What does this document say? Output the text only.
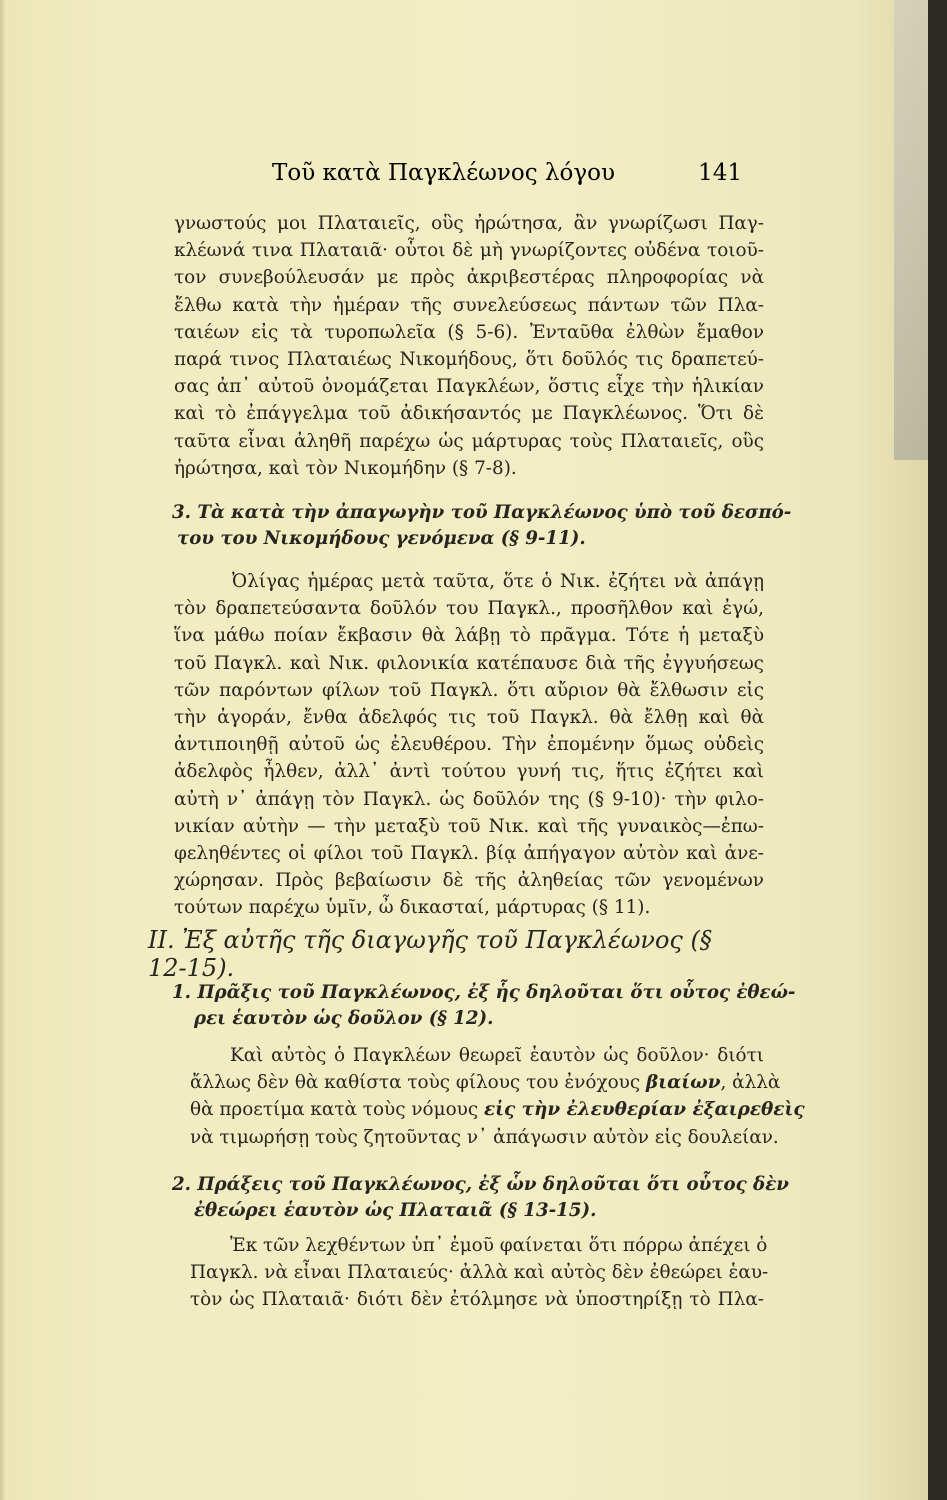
Τοῦ κατὰ Παγκλέωνος λόγου	141

γνωστούς μοι Πλαταιεῖς, οὓς ἠρώτησα, ἂν γνωρίζωσι Παγ-
κλέωνά τινα Πλαταιᾶ· οὗτοι δὲ μὴ γνωρίζοντες οὐδένα τοιοῦ-
τον συνεβούλευσάν με πρὸς ἀκριβεστέρας πληροφορίας νὰ
ἔλθω κατὰ τὴν ἡμέραν τῆς συνελεύσεως πάντων τῶν Πλα-
ταιέων εἰς τὰ τυροπωλεῖα (§ 5-6). Ἐνταῦθα ἐλθὼν ἔμαθον
παρά τινος Πλαταιέως Νικομήδους, ὅτι δοῦλός τις δραπετεύ-
σας ἀπ᾿ αὐτοῦ ὀνομάζεται Παγκλέων, ὅστις εἶχε τὴν ἡλικίαν
καὶ τὸ ἐπάγγελμα τοῦ ἀδικήσαντός με Παγκλέωνος. Ὅτι δὲ
ταῦτα εἶναι ἀληθῆ παρέχω ὡς μάρτυρας τοὺς Πλαταιεῖς, οὓς
ἠρώτησα, καὶ τὸν Νικομήδην (§ 7-8).

3. Τὰ κατὰ τὴν ἀπαγωγὴν τοῦ Παγκλέωνος ὑπὸ τοῦ δεσπό-
του του Νικομήδους γενόμενα (§ 9-11).

Ὀλίγας ἡμέρας μετὰ ταῦτα, ὅτε ὁ Νικ. ἐζήτει νὰ ἀπάγῃ
τὸν δραπετεύσαντα δοῦλόν του Παγκλ., προσῆλθον καὶ ἐγώ,
ἵνα μάθω ποίαν ἔκβασιν θὰ λάβῃ τὸ πρᾶγμα. Τότε ἡ μεταξὺ
τοῦ Παγκλ. καὶ Νικ. φιλονικία κατέπαυσε διὰ τῆς ἐγγυήσεως
τῶν παρόντων φίλων τοῦ Παγκλ. ὅτι αὔριον θὰ ἔλθωσιν εἰς
τὴν ἀγοράν, ἔνθα ἀδελφός τις τοῦ Παγκλ. θὰ ἔλθῃ καὶ θὰ
ἀντιποιηθῇ αὐτοῦ ὡς ἐλευθέρου. Τὴν ἐπομένην ὅμως οὐδεὶς
ἀδελφὸς ἦλθεν, ἀλλ᾿ ἀντὶ τούτου γυνή τις, ἥτις ἐζήτει καὶ
αὐτὴ ν᾿ ἀπάγῃ τὸν Παγκλ. ὡς δοῦλόν της (§ 9-10)· τὴν φιλο-
νικίαν αὐτὴν — τὴν μεταξὺ τοῦ Νικ. καὶ τῆς γυναικὸς—ἐπω-
φεληθέντες οἱ φίλοι τοῦ Παγκλ. βίᾳ ἀπήγαγον αὐτὸν καὶ ἀνε-
χώρησαν. Πρὸς βεβαίωσιν δὲ τῆς ἀληθείας τῶν γενομένων
τούτων παρέχω ὑμῖν, ὦ δικασταί, μάρτυρας (§ 11).

II. Ἐξ αὐτῆς τῆς διαγωγῆς τοῦ Παγκλέωνος (§ 12-15).

1. Πρᾶξις τοῦ Παγκλέωνος, ἐξ ἧς δηλοῦται ὅτι οὗτος ἐθεώ-
ρει ἑαυτὸν ὡς δοῦλον (§ 12).

Καὶ αὐτὸς ὁ Παγκλέων θεωρεῖ ἑαυτὸν ὡς δοῦλον· διότι
ἄλλως δὲν θὰ καθίστα τοὺς φίλους του ἐνόχους βιαίων, ἀλλὰ
θὰ προετίμα κατὰ τοὺς νόμους εἰς τὴν ἐλευθερίαν ἐξαιρεθεὶς
νὰ τιμωρήσῃ τοὺς ζητοῦντας ν᾿ ἀπάγωσιν αὐτὸν εἰς δουλείαν.

2. Πράξεις τοῦ Παγκλέωνος, ἐξ ὧν δηλοῦται ὅτι οὗτος δὲν
ἐθεώρει ἑαυτὸν ὡς Πλαταιᾶ (§ 13-15).

Ἐκ τῶν λεχθέντων ὑπ᾿ ἐμοῦ φαίνεται ὅτι πόρρω ἀπέχει ὁ
Παγκλ. νὰ εἶναι Πλαταιεύς· ἀλλὰ καὶ αὐτὸς δὲν ἐθεώρει ἑαυ-
τὸν ὡς Πλαταιᾶ· διότι δὲν ἐτόλμησε νὰ ὑποστηρίξῃ τὸ Πλα-
